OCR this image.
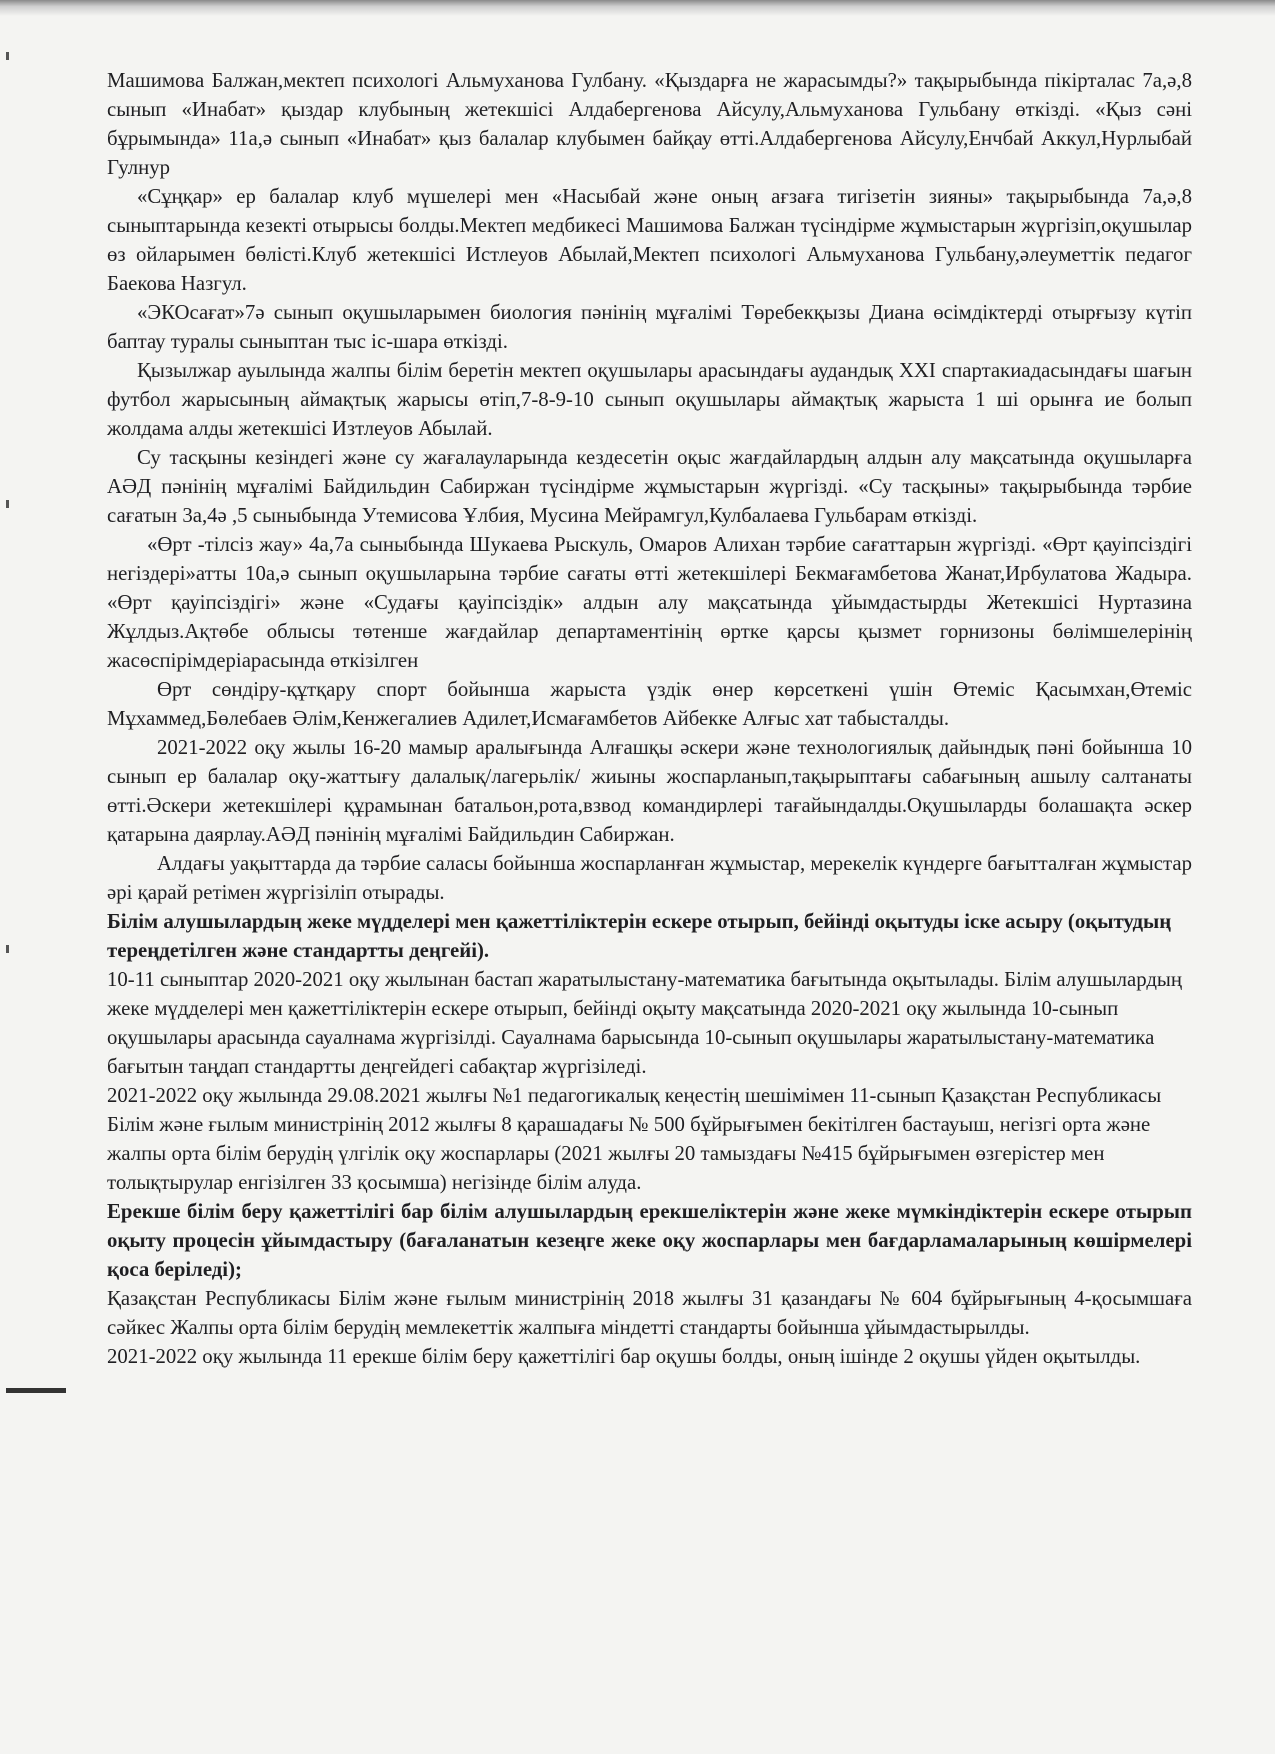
Машимова Балжан,мектеп психологі Альмуханова Гулбану. «Қыздарға не жарасымды?» тақырыбында пікірталас 7а,ә,8 сынып «Инабат» қыздар клубының жетекшісі Алдабергенова Айсулу,Альмуханова Гульбану өткізді. «Қыз сәні бұрымында» 11а,ә сынып «Инабат» қыз балалар клубымен байқау өтті.Алдабергенова Айсулу,Енчбай Аккул,Нурлыбай Гулнур

«Сұңқар» ер балалар клуб мүшелері мен «Насыбай және оның ағзаға тигізетін зияны» тақырыбында 7а,ә,8 сыныптарында кезекті отырысы болды.Мектеп медбикесі Машимова Балжан түсіндірме жұмыстарын жүргізіп,оқушылар өз ойларымен бөлісті.Клуб жетекшісі Истлеуов Абылай,Мектеп психологі Альмуханова Гульбану,әлеуметтік педагог Баекова Назгул.

«ЭКОсағат»7ә сынып оқушыларымен биология пәнінің мұғалімі Төребекқызы Диана өсімдіктерді отырғызу күтіп баптау туралы сыныптан тыс іс-шара өткізді.

Қызылжар ауылында жалпы білім беретін мектеп оқушылары арасындағы аудандық XXI спартакиадасындағы шағын футбол жарысының аймақтық жарысы өтіп,7-8-9-10 сынып оқушылары аймақтық жарыста 1 ші орынға ие болып жолдама алды жетекшісі Изтлеуов Абылай.

Су тасқыны кезіндегі және су жағалауларында кездесетін оқыс жағдайлардың алдын алу мақсатында оқушыларға АӘД пәнінің мұғалімі Байдильдин Сабиржан түсіндірме жұмыстарын жүргізді. «Су тасқыны» тақырыбында тәрбие сағатын 3а,4ә ,5 сыныбында Утемисова Ұлбия, Мусина Мейрамгул,Кулбалаева Гульбарам өткізді.

«Өрт -тілсіз жау» 4а,7а сыныбында Шукаева Рыскуль, Омаров Алихан тәрбие сағаттарын жүргізді. «Өрт қауіпсіздігі негіздері»атты 10а,ә сынып оқушыларына тәрбие сағаты өтті жетекшілері Бекмағамбетова Жанат,Ирбулатова Жадыра. «Өрт қауіпсіздігі» және «Судағы қауіпсіздік» алдын алу мақсатында ұйымдастырды Жетекшісі Нуртазина Жұлдыз.Ақтөбе облысы төтенше жағдайлар департаментінің өртке қарсы қызмет горнизоны бөлімшелерінің жасөспірімдеріарасында өткізілген

Өрт сөндіру-құтқару спорт бойынша жарыста үздік өнер көрсеткені үшін Өтеміс Қасымхан,Өтеміс Мұхаммед,Бөлебаев Әлім,Кенжегалиев Адилет,Исмағамбетов Айбекке Алғыс хат табысталды.

2021-2022 оқу жылы 16-20 мамыр аралығында Алғашқы әскери және технологиялық дайындық пәні бойынша 10 сынып ер балалар оқу-жаттығу далалық/лагерьлік/ жиыны жоспарланып,тақырыптағы сабағының ашылу салтанаты өтті.Әскери жетекшілері құрамынан батальон,рота,взвод командирлері тағайындалды.Оқушыларды болашақта әскер қатарына даярлау.АӘД пәнінің мұғалімі Байдильдин Сабиржан.

Алдағы уақыттарда да тәрбие саласы бойынша жоспарланған жұмыстар, мерекелік күндерге бағытталған жұмыстар әрі қарай ретімен жүргізіліп отырады.

Білім алушылардың жеке мүдделері мен қажеттіліктерін ескере отырып, бейінді оқытуды іске асыру (оқытудың тереңдетілген және стандартты деңгейі).

10-11 сыныптар 2020-2021 оқу жылынан бастап жаратылыстану-математика бағытында оқытылады. Білім алушылардың жеке мүдделері мен қажеттіліктерін ескере отырып, бейінді оқыту мақсатында 2020-2021 оқу жылында 10-сынып оқушылары арасында сауалнама жүргізілді. Сауалнама барысында 10-сынып оқушылары жаратылыстану-математика бағытын таңдап стандартты деңгейдегі сабақтар жүргізіледі.

2021-2022 оқу жылында 29.08.2021 жылғы №1 педагогикалық кеңестің шешімімен 11-сынып Қазақстан Республикасы Білім және ғылым министрінің 2012 жылғы 8 қарашадағы № 500 бұйрығымен бекітілген бастауыш, негізгі орта және жалпы орта білім берудің үлгілік оқу жоспарлары (2021 жылғы 20 тамыздағы №415 бұйрығымен өзгерістер мен толықтырулар енгізілген 33 қосымша) негізінде білім алуда.

Ерекше білім беру қажеттілігі бар білім алушылардың ерекшеліктерін және жеке мүмкіндіктерін ескере отырып оқыту процесін ұйымдастыру (бағаланатын кезеңге жеке оқу жоспарлары мен бағдарламаларының көшірмелері қоса беріледі);

Қазақстан Республикасы Білім және ғылым министрінің 2018 жылғы 31 қазандағы № 604 бұйрығының 4-қосымшаға сәйкес Жалпы орта білім берудің мемлекеттік жалпыға міндетті стандарты бойынша ұйымдастырылды.

2021-2022 оқу жылында 11 ерекше білім беру қажеттілігі бар оқушы болды, оның ішінде 2 оқушы үйден оқытылды.
